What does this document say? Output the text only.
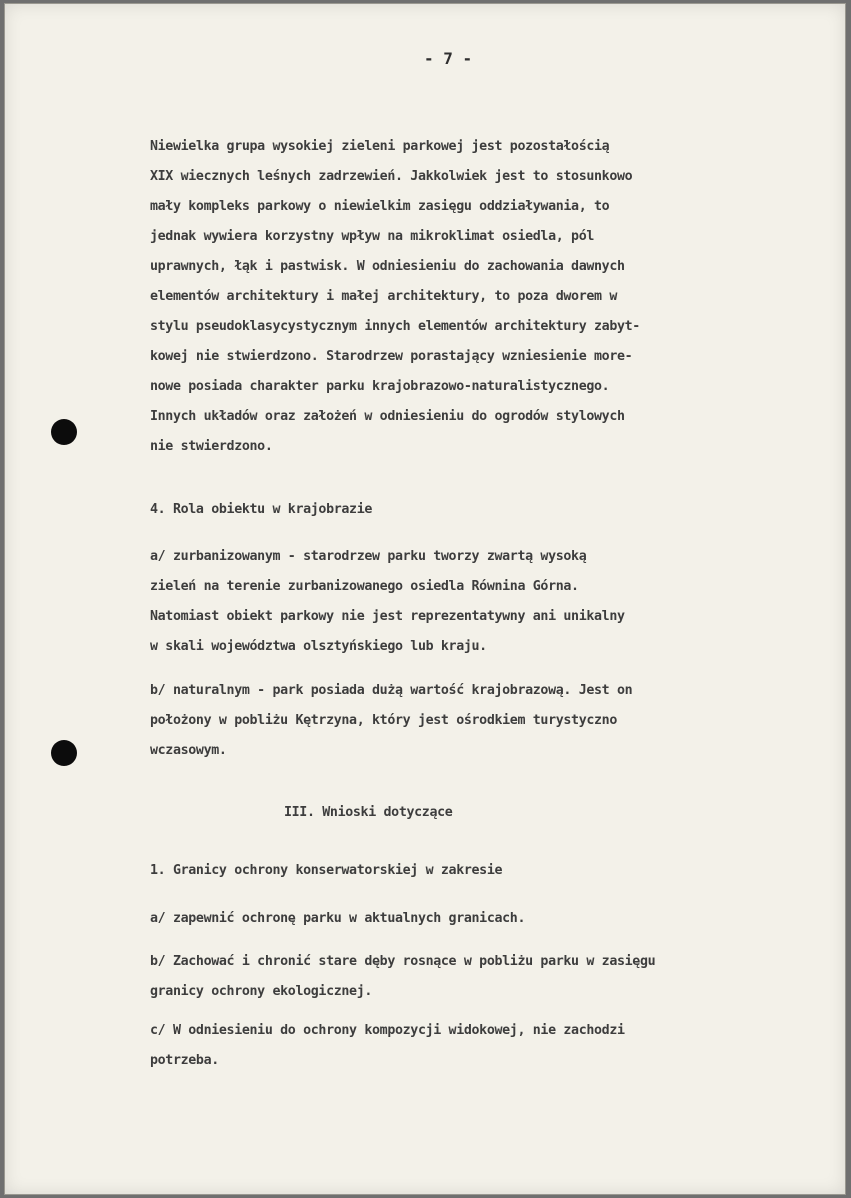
- 7 -
Niewielka grupa wysokiej zieleni parkowej jest pozostałością
XIX wiecznych leśnych zadrzewień. Jakkolwiek jest to stosunkowo
mały kompleks parkowy o niewielkim zasięgu oddziaływania, to
jednak wywiera korzystny wpływ na mikroklimat osiedla, pól
uprawnych, łąk i pastwisk. W odniesieniu do zachowania dawnych
elementów architektury i małej architektury, to poza dworem w
stylu pseudoklasycystycznym innych elementów architektury zabyt-
kowej nie stwierdzono. Starodrzew porastający wzniesienie more-
nowe posiada charakter parku krajobrazowo-naturalistycznego.
Innych układów oraz założeń w odniesieniu do ogrodów stylowych
nie stwierdzono.
4. Rola obiektu w krajobrazie
a/ zurbanizowanym - starodrzew parku tworzy zwartą wysoką
zieleń na terenie zurbanizowanego osiedla Równina Górna.
Natomiast obiekt parkowy nie jest reprezentatywny ani unikalny
w skali województwa olsztyńskiego lub kraju.
b/ naturalnym - park posiada dużą wartość krajobrazową. Jest on
położony w pobliżu Kętrzyna, który jest ośrodkiem turystyczno
wczasowym.
III. Wnioski dotyczące
1. Granicy ochrony konserwatorskiej w zakresie
a/ zapewnić ochronę parku w aktualnych granicach.
b/ Zachować i chronić stare dęby rosnące w pobliżu parku w zasięgu
granicy ochrony ekologicznej.
c/ W odniesieniu do ochrony kompozycji widokowej, nie zachodzi
potrzeba.
